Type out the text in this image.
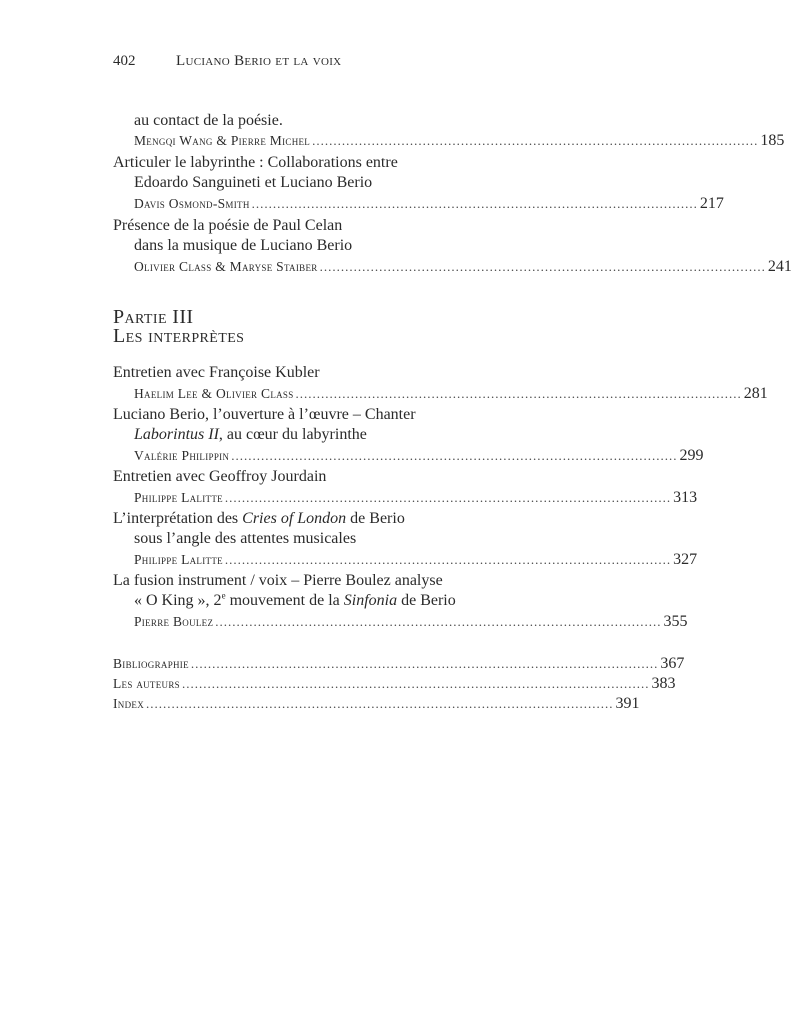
402	Luciano Berio et la voix
au contact de la poésie.
Mengqi Wang & Pierre Michel ......................................................................................................... 185
Articuler le labyrinthe : Collaborations entre
Edoardo Sanguineti et Luciano Berio
Davis Osmond-Smith ......................................................................................................... 217
Présence de la poésie de Paul Celan
dans la musique de Luciano Berio
Olivier Class & Maryse Staiber ......................................................................................................... 241
Partie III
Les interprètes
Entretien avec Françoise Kubler
Haelim Lee & Olivier Class ......................................................................................................... 281
Luciano Berio, l’ouverture à l’œuvre – Chanter
Laborintus II, au cœur du labyrinthe
Valérie Philippin ......................................................................................................... 299
Entretien avec Geoffroy Jourdain
Philippe Lalitte ......................................................................................................... 313
L’interprétation des Cries of London de Berio
sous l’angle des attentes musicales
Philippe Lalitte ......................................................................................................... 327
La fusion instrument / voix – Pierre Boulez analyse
« O King », 2e mouvement de la Sinfonia de Berio
Pierre Boulez ......................................................................................................... 355
Bibliographie .............................................................................................................. 367
Les auteurs .............................................................................................................. 383
Index .............................................................................................................. 391
